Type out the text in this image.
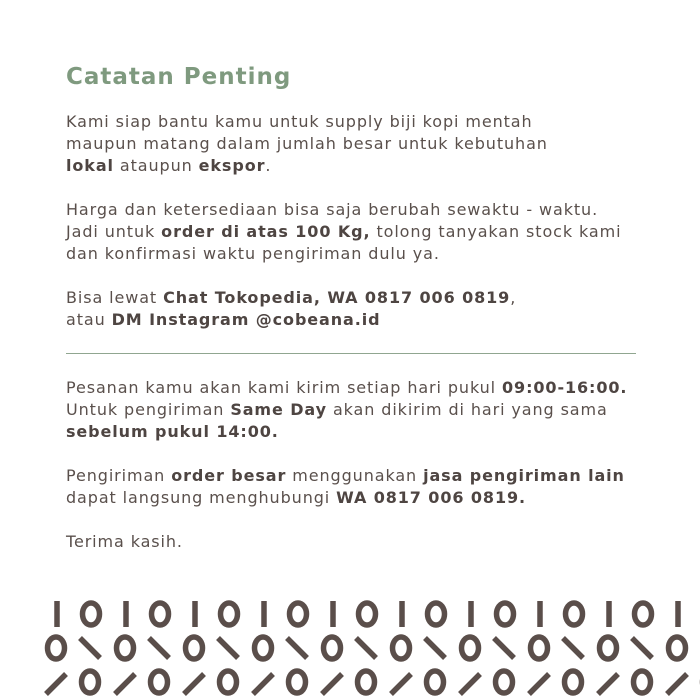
Catatan Penting

Kami siap bantu kamu untuk supply biji kopi mentah
maupun matang dalam jumlah besar untuk kebutuhan
lokal ataupun ekspor.

Harga dan ketersediaan bisa saja berubah sewaktu - waktu.
Jadi untuk order di atas 100 Kg, tolong tanyakan stock kami
dan konfirmasi waktu pengiriman dulu ya.

Bisa lewat Chat Tokopedia, WA 0817 006 0819,
atau DM Instagram @cobeana.id

Pesanan kamu akan kami kirim setiap hari pukul 09:00-16:00.
Untuk pengiriman Same Day akan dikirim di hari yang sama
sebelum pukul 14:00.

Pengiriman order besar menggunakan jasa pengiriman lain
dapat langsung menghubungi WA 0817 006 0819.

Terima kasih.
